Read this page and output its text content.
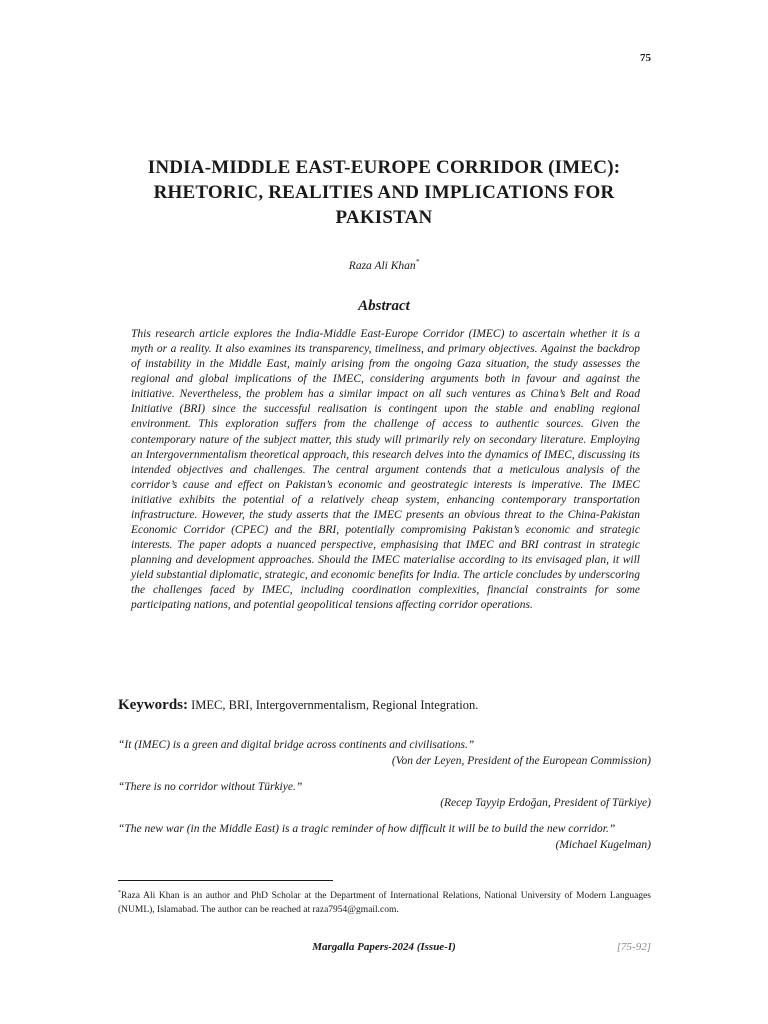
75
INDIA-MIDDLE EAST-EUROPE CORRIDOR (IMEC): RHETORIC, REALITIES AND IMPLICATIONS FOR PAKISTAN
Raza Ali Khan*
Abstract
This research article explores the India-Middle East-Europe Corridor (IMEC) to ascertain whether it is a myth or a reality. It also examines its transparency, timeliness, and primary objectives. Against the backdrop of instability in the Middle East, mainly arising from the ongoing Gaza situation, the study assesses the regional and global implications of the IMEC, considering arguments both in favour and against the initiative. Nevertheless, the problem has a similar impact on all such ventures as China’s Belt and Road Initiative (BRI) since the successful realisation is contingent upon the stable and enabling regional environment. This exploration suffers from the challenge of access to authentic sources. Given the contemporary nature of the subject matter, this study will primarily rely on secondary literature. Employing an Intergovernmentalism theoretical approach, this research delves into the dynamics of IMEC, discussing its intended objectives and challenges. The central argument contends that a meticulous analysis of the corridor’s cause and effect on Pakistan’s economic and geostrategic interests is imperative. The IMEC initiative exhibits the potential of a relatively cheap system, enhancing contemporary transportation infrastructure. However, the study asserts that the IMEC presents an obvious threat to the China-Pakistan Economic Corridor (CPEC) and the BRI, potentially compromising Pakistan’s economic and strategic interests. The paper adopts a nuanced perspective, emphasising that IMEC and BRI contrast in strategic planning and development approaches. Should the IMEC materialise according to its envisaged plan, it will yield substantial diplomatic, strategic, and economic benefits for India. The article concludes by underscoring the challenges faced by IMEC, including coordination complexities, financial constraints for some participating nations, and potential geopolitical tensions affecting corridor operations.
Keywords: IMEC, BRI, Intergovernmentalism, Regional Integration.
“It (IMEC) is a green and digital bridge across continents and civilisations.”
(Von der Leyen, President of the European Commission)
“There is no corridor without Türkiye.”
(Recep Tayyip Erdoğan, President of Türkiye)
“The new war (in the Middle East) is a tragic reminder of how difficult it will be to build the new corridor.”
(Michael Kugelman)
*Raza Ali Khan is an author and PhD Scholar at the Department of International Relations, National University of Modern Languages (NUML), Islamabad. The author can be reached at raza7954@gmail.com.
Margalla Papers-2024 (Issue-I)	[75-92]
